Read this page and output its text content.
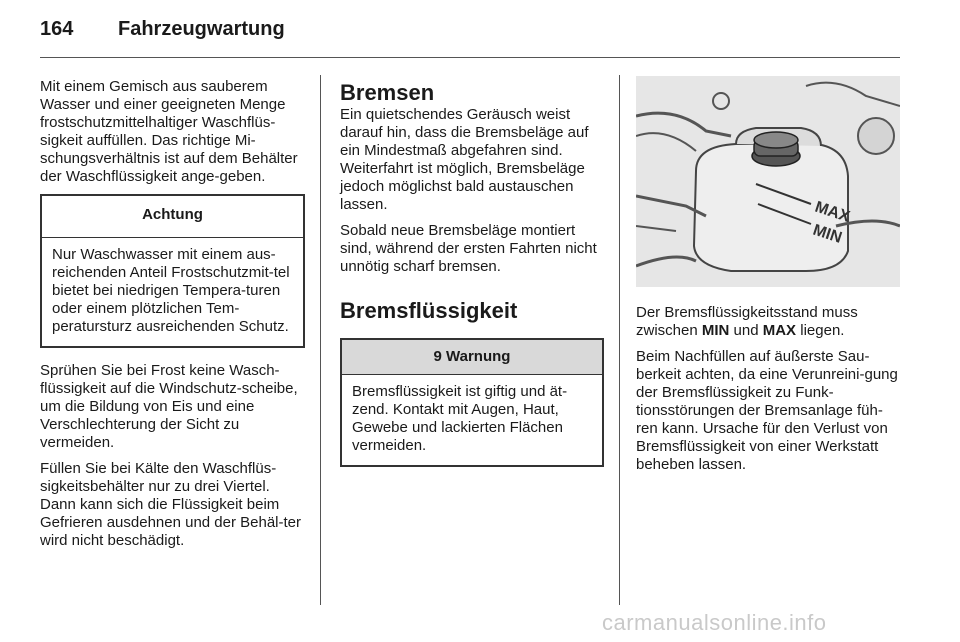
164 Fahrzeugwartung

Mit einem Gemisch aus sauberem Wasser und einer geeigneten Menge frostschutzmittelhaltiger Waschflüs-sigkeit auffüllen. Das richtige Mi-schungsverhältnis ist auf dem Behälter der Waschflüssigkeit ange-geben.

Achtung
Nur Waschwasser mit einem aus-reichenden Anteil Frostschutzmit-tel bietet bei niedrigen Tempera-turen oder einem plötzlichen Tem-peratursturz ausreichenden Schutz.

Sprühen Sie bei Frost keine Wasch-flüssigkeit auf die Windschutz-scheibe, um die Bildung von Eis und eine Verschlechterung der Sicht zu vermeiden.

Füllen Sie bei Kälte den Waschflüs-sigkeitsbehälter nur zu drei Viertel. Dann kann sich die Flüssigkeit beim Gefrieren ausdehnen und der Behäl-ter wird nicht beschädigt.

Bremsen

Ein quietschendes Geräusch weist darauf hin, dass die Bremsbeläge auf ein Mindestmaß abgefahren sind. Weiterfahrt ist möglich, Bremsbeläge jedoch möglichst bald austauschen lassen.

Sobald neue Bremsbeläge montiert sind, während der ersten Fahrten nicht unnötig scharf bremsen.

Bremsflüssigkeit
9 Warnung
Bremsflüssigkeit ist giftig und ät-zend. Kontakt mit Augen, Haut, Gewebe und lackierten Flächen vermeiden.
MAX
MIN

Der Bremsflüssigkeitsstand muss zwischen MIN und MAX liegen.

Beim Nachfüllen auf äußerste Sau-berkeit achten, da eine Verunreini-gung der Bremsflüssigkeit zu Funk-tionsstörungen der Bremsanlage füh-ren kann. Ursache für den Verlust von Bremsflüssigkeit von einer Werkstatt beheben lassen.

carmanualsonline.info
